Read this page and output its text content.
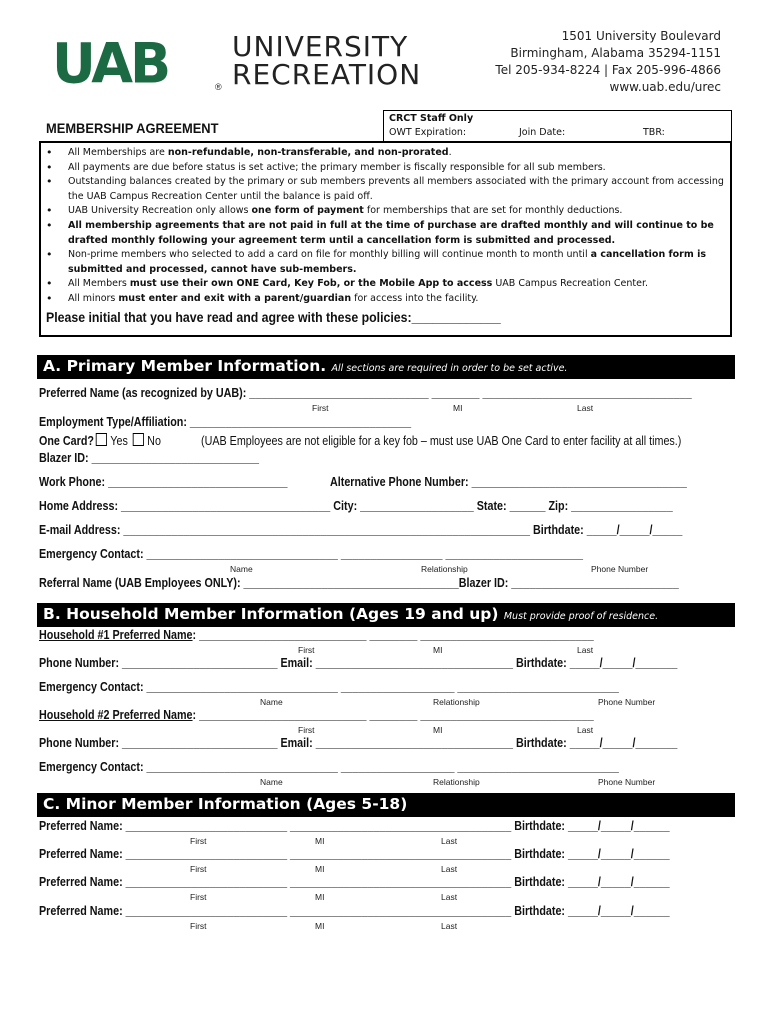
UAB	®
UNIVERSITY
RECREATION
1501 University Boulevard
Birmingham, Alabama 35294-1151
Tel 205-934-8224 | Fax 205-996-4866
www.uab.edu/urec
MEMBERSHIP AGREEMENT
CRCT Staff Only
OWT Expiration:	Join Date:	TBR:
• All Memberships are non-refundable, non-transferable, and non-prorated.
• All payments are due before status is set active; the primary member is fiscally responsible for all sub members.
• Outstanding balances created by the primary or sub members prevents all members associated with the primary account from accessing the UAB Campus Recreation Center until the balance is paid off.
• UAB University Recreation only allows one form of payment for memberships that are set for monthly deductions.
• All membership agreements that are not paid in full at the time of purchase are drafted monthly and will continue to be drafted monthly following your agreement term until a cancellation form is submitted and processed.
• Non-prime members who selected to add a card on file for monthly billing will continue month to month until a cancellation form is submitted and processed, cannot have sub-members.
• All Members must use their own ONE Card, Key Fob, or the Mobile App to access UAB Campus Recreation Center.
• All minors must enter and exit with a parent/guardian for access into the facility.
Please initial that you have read and agree with these policies:_____________
A. Primary Member Information. All sections are required in order to be set active.
Preferred Name (as recognized by UAB): ______________________________ ________ ___________________________________
First	MI	Last
Employment Type/Affiliation: _____________________________________
One Card? Yes No	(UAB Employees are not eligible for a key fob – must use UAB One Card to enter facility at all times.)
Blazer ID: ____________________________
Work Phone: ______________________________	Alternative Phone Number: ____________________________________
Home Address: ___________________________________ City: ___________________ State: ______ Zip: _________________
E-mail Address: ____________________________________________________________________ Birthdate: _____/_____/_____
Emergency Contact: ________________________________ _________________ _______________________
Name	Relationship	Phone Number
Referral Name (UAB Employees ONLY): ____________________________________Blazer ID: ____________________________
B. Household Member Information (Ages 19 and up) Must provide proof of residence.
Household #1 Preferred Name: ____________________________ ________ _____________________________
First	MI	Last
Phone Number: __________________________ Email: _________________________________ Birthdate: _____/_____/_______
Emergency Contact: ________________________________ ___________________ ___________________________
Name	Relationship	Phone Number
Household #2 Preferred Name: ____________________________ ________ _____________________________
First	MI	Last
Phone Number: __________________________ Email: _________________________________ Birthdate: _____/_____/_______
Emergency Contact: ________________________________ ___________________ ___________________________
Name	Relationship	Phone Number
C. Minor Member Information (Ages 5-18)
Preferred Name: ___________________________ _____________________________________ Birthdate: _____/_____/______
First	MI	Last
Preferred Name: ___________________________ _____________________________________ Birthdate: _____/_____/______
First	MI	Last
Preferred Name: ___________________________ _____________________________________ Birthdate: _____/_____/______
First	MI	Last
Preferred Name: ___________________________ _____________________________________ Birthdate: _____/_____/______
First	MI	Last
